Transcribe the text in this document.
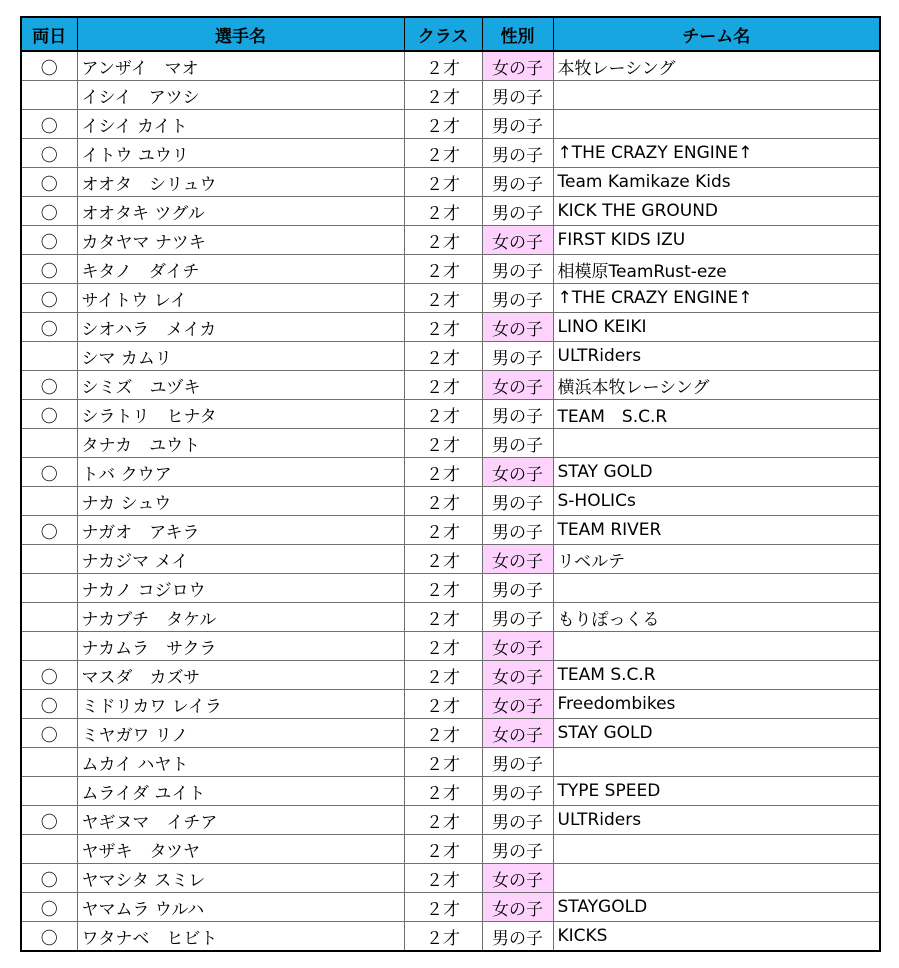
両日	選手名	クラス	性別	チーム名
〇	アンザイ　マオ	２才	女の子	本牧レーシング
	イシイ　アツシ	２才	男の子	
〇	イシイ カイト	２才	男の子	
〇	イトウ ユウリ	２才	男の子	↑THE CRAZY ENGINE↑
〇	オオタ　シリュウ	２才	男の子	Team Kamikaze Kids
〇	オオタキ ツグル	２才	男の子	KICK THE GROUND
〇	カタヤマ ナツキ	２才	女の子	FIRST KIDS IZU
〇	キタノ　ダイチ	２才	男の子	相模原TeamRust-eze
〇	サイトウ レイ	２才	男の子	↑THE CRAZY ENGINE↑
〇	シオハラ　メイカ	２才	女の子	LINO KEIKI
	シマ カムリ	２才	男の子	ULTRiders
〇	シミズ　ユヅキ	２才	女の子	横浜本牧レーシング
〇	シラトリ　ヒナタ	２才	男の子	TEAM　S.C.R
	タナカ　ユウト	２才	男の子	
〇	トバ クウア	２才	女の子	STAY GOLD
	ナカ シュウ	２才	男の子	S-HOLICs
〇	ナガオ　アキラ	２才	男の子	TEAM RIVER
	ナカジマ メイ	２才	女の子	リベルテ
	ナカノ コジロウ	２才	男の子	
	ナカブチ　タケル	２才	男の子	もりぽっくる
	ナカムラ　サクラ	２才	女の子	
〇	マスダ　カズサ	２才	女の子	TEAM S.C.R
〇	ミドリカワ レイラ	２才	女の子	Freedombikes
〇	ミヤガワ リノ	２才	女の子	STAY GOLD
	ムカイ ハヤト	２才	男の子	
	ムライダ ユイト	２才	男の子	TYPE SPEED
〇	ヤギヌマ　イチア	２才	男の子	ULTRiders
	ヤザキ　タツヤ	２才	男の子	
〇	ヤマシタ スミレ	２才	女の子	
〇	ヤマムラ ウルハ	２才	女の子	STAYGOLD
〇	ワタナベ　ヒビト	２才	男の子	KICKS
